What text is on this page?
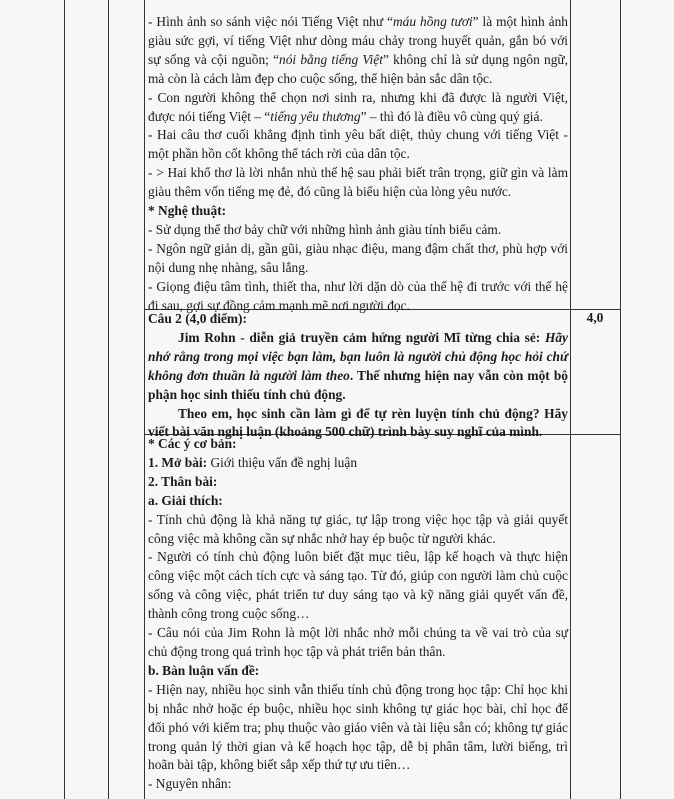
- Hình ảnh so sánh việc nói Tiếng Việt như “máu hồng tươi” là một hình ảnh giàu sức gợi, ví tiếng Việt như dòng máu chảy trong huyết quản, gắn bó với sự sống và cội nguồn; “nói bằng tiếng Việt” không chỉ là sử dụng ngôn ngữ, mà còn là cách làm đẹp cho cuộc sống, thể hiện bản sắc dân tộc.

- Con người không thể chọn nơi sinh ra, nhưng khi đã được là người Việt, được nói tiếng Việt – “tiếng yêu thương” – thì đó là điều vô cùng quý giá.

- Hai câu thơ cuối khẳng định tình yêu bất diệt, thủy chung với tiếng Việt - một phần hồn cốt không thể tách rời của dân tộc.

- > Hai khổ thơ là lời nhắn nhủ thế hệ sau phải biết trân trọng, giữ gìn và làm giàu thêm vốn tiếng mẹ đẻ, đó cũng là biểu hiện của lòng yêu nước.

* Nghệ thuật:

- Sử dụng thể thơ bảy chữ với những hình ảnh giàu tính biểu cảm.

- Ngôn ngữ giản dị, gần gũi, giàu nhạc điệu, mang đậm chất thơ, phù hợp với nội dung nhẹ nhàng, sâu lắng.

- Giọng điệu tâm tình, thiết tha, như lời dặn dò của thế hệ đi trước với thế hệ đi sau, gợi sự đồng cảm mạnh mẽ nơi người đọc.

Câu 2 (4,0 điểm):

Jim Rohn - diễn giả truyền cảm hứng người Mĩ từng chia sẻ: Hãy nhớ rằng trong mọi việc bạn làm, bạn luôn là người chủ động học hỏi chứ không đơn thuần là người làm theo. Thế nhưng hiện nay vẫn còn một bộ phận học sinh thiếu tính chủ động.

Theo em, học sinh cần làm gì để tự rèn luyện tính chủ động? Hãy viết bài văn nghị luận (khoảng 500 chữ) trình bày suy nghĩ của mình.

4,0

* Các ý cơ bản:

1. Mở bài: Giới thiệu vấn đề nghị luận

2. Thân bài:

a. Giải thích:

- Tính chủ động là khả năng tự giác, tự lập trong việc học tập và giải quyết công việc mà không cần sự nhắc nhở hay ép buộc từ người khác.

- Người có tính chủ động luôn biết đặt mục tiêu, lập kế hoạch và thực hiện công việc một cách tích cực và sáng tạo. Từ đó, giúp con người làm chủ cuộc sống và công việc, phát triển tư duy sáng tạo và kỹ năng giải quyết vấn đề, thành công trong cuộc sống…

- Câu nói của Jim Rohn là một lời nhắc nhở mỗi chúng ta về vai trò của sự chủ động trong quá trình học tập và phát triển bản thân.

b. Bàn luận vấn đề:

- Hiện nay, nhiều học sinh vẫn thiếu tính chủ động trong học tập: Chỉ học khi bị nhắc nhở hoặc ép buộc, nhiều học sinh không tự giác học bài, chỉ học để đối phó với kiểm tra; phụ thuộc vào giáo viên và tài liệu sẵn có; không tự giác trong quản lý thời gian và kế hoạch học tập, dễ bị phân tâm, lười biếng, trì hoãn bài tập, không biết sắp xếp thứ tự ưu tiên…

- Nguyên nhân:
